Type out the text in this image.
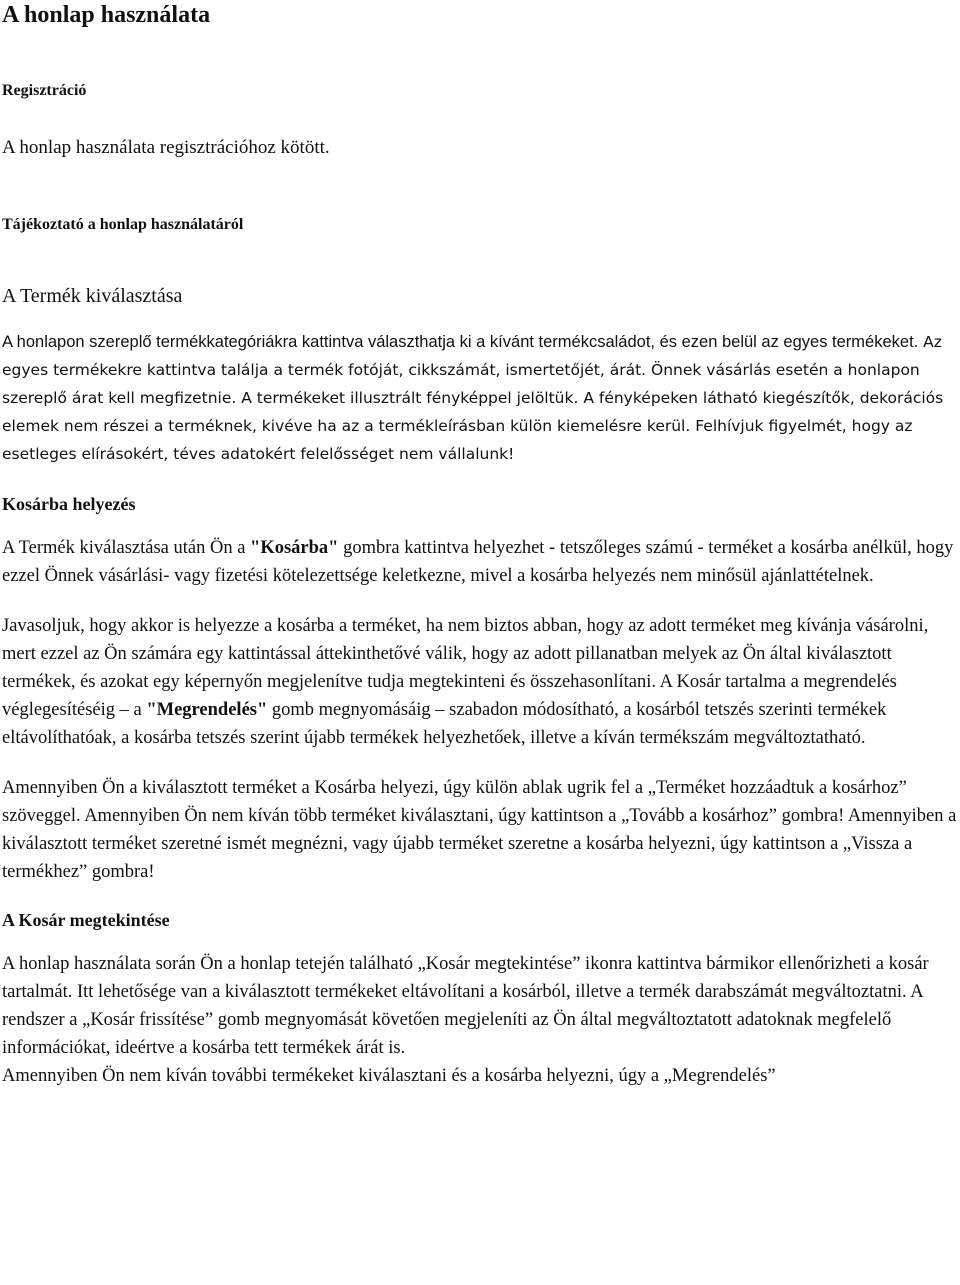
A honlap használata
Regisztráció

A honlap használata regisztrációhoz kötött.

Tájékoztató a honlap használatáról
A Termék kiválasztása

A honlapon szereplő termékkategóriákra kattintva választhatja ki a kívánt termékcsaládot, és ezen belül az egyes termékeket. Az egyes termékekre kattintva találja a termék fotóját, cikkszámát, ismertetőjét, árát. Önnek vásárlás esetén a honlapon szereplő árat kell megfizetnie. A termékeket illusztrált fényképpel jelöltük. A fényképeken látható kiegészítők, dekorációs elemek nem részei a terméknek, kivéve ha az a termékleírásban külön kiemelésre kerül. Felhívjuk figyelmét, hogy az esetleges elírásokért, téves adatokért felelősséget nem vállalunk!

Kosárba helyezés

A Termék kiválasztása után Ön a "Kosárba" gombra kattintva helyezhet - tetszőleges számú - terméket a kosárba anélkül, hogy ezzel Önnek vásárlási- vagy fizetési kötelezettsége keletkezne, mivel a kosárba helyezés nem minősül ajánlattételnek.

Javasoljuk, hogy akkor is helyezze a kosárba a terméket, ha nem biztos abban, hogy az adott terméket meg kívánja vásárolni, mert ezzel az Ön számára egy kattintással áttekinthetővé válik, hogy az adott pillanatban melyek az Ön által kiválasztott termékek, és azokat egy képernyőn megjelenítve tudja megtekinteni és összehasonlítani. A Kosár tartalma a megrendelés véglegesítéséig – a "Megrendelés" gomb megnyomásáig – szabadon módosítható, a kosárból tetszés szerinti termékek eltávolíthatóak, a kosárba tetszés szerint újabb termékek helyezhetőek, illetve a kíván termékszám megváltoztatható.

Amennyiben Ön a kiválasztott terméket a Kosárba helyezi, úgy külön ablak ugrik fel a „Terméket hozzáadtuk a kosárhoz” szöveggel. Amennyiben Ön nem kíván több terméket kiválasztani, úgy kattintson a „Tovább a kosárhoz” gombra! Amennyiben a kiválasztott terméket szeretné ismét megnézni, vagy újabb terméket szeretne a kosárba helyezni, úgy kattintson a „Vissza a termékhez” gombra!

A Kosár megtekintése

A honlap használata során Ön a honlap tetején található „Kosár megtekintése” ikonra kattintva bármikor ellenőrizheti a kosár tartalmát. Itt lehetősége van a kiválasztott termékeket eltávolítani a kosárból, illetve a termék darabszámát megváltoztatni. A rendszer a „Kosár frissítése” gomb megnyomását követően megjeleníti az Ön által megváltoztatott adatoknak megfelelő információkat, ideértve a kosárba tett termékek árát is.

Amennyiben Ön nem kíván további termékeket kiválasztani és a kosárba helyezni, úgy a „Megrendelés”
